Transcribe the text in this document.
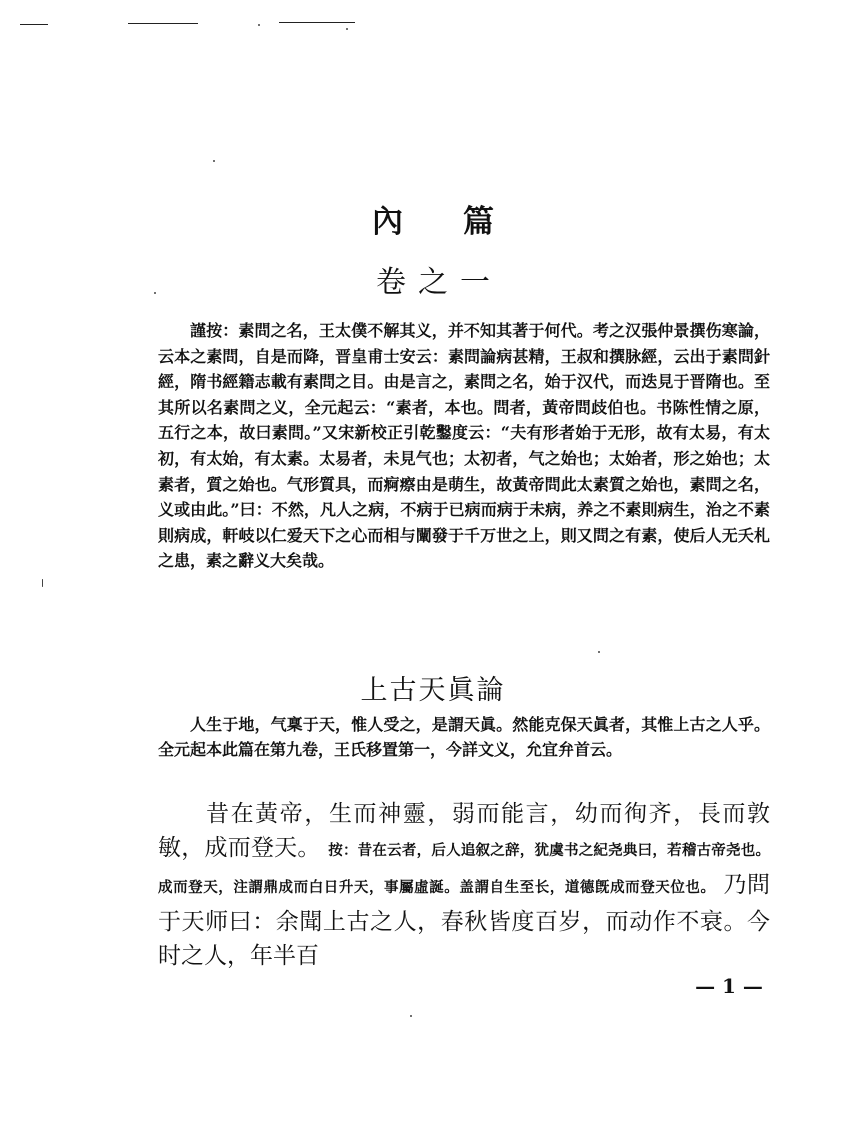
內 篇
卷之一

謹按：素問之名，王太僕不解其义，并不知其著于何代。考之汉張仲景撰伤寒論，云本之素問，自是而降，晋皇甫士安云：素問論病甚精，王叔和撰脉經，云出于素問針經，隋书經籍志載有素問之目。由是言之，素問之名，始于汉代，而迭見于晋隋也。至其所以名素問之义，全元起云：“素者，本也。問者，黃帝問歧伯也。书陈性情之原，五行之本，故曰素問。”又宋新校正引乾鑿度云：“夫有形者始于无形，故有太易，有太初，有太始，有太素。太易者，未見气也；太初者，气之始也；太始者，形之始也；太素者，質之始也。气形質具，而痾瘵由是萌生，故黃帝問此太素質之始也，素問之名，义或由此。”曰：不然，凡人之病，不病于已病而病于未病，养之不素則病生，治之不素則病成，軒岐以仁爱天下之心而相与闡發于千万世之上，則又問之有素，使后人无夭札之患，素之辭义大矣哉。

上古天眞論

人生于地，气稟于天，惟人受之，是謂天眞。然能克保天眞者，其惟上古之人乎。全元起本此篇在第九卷，王氏移置第一，今詳文义，允宜弁首云。

昔在黃帝，生而神靈，弱而能言，幼而徇齐，長而敦敏，成而登天。 按：昔在云者，后人追叙之辞，犹虞书之紀尧典曰，若稽古帝尧也。成而登天，注謂鼎成而白日升天，事屬虛誕。盖謂自生至长，道德旣成而登天位也。 乃問于天师曰：余聞上古之人，春秋皆度百岁，而动作不衰。今时之人，年半百

— 1 —
